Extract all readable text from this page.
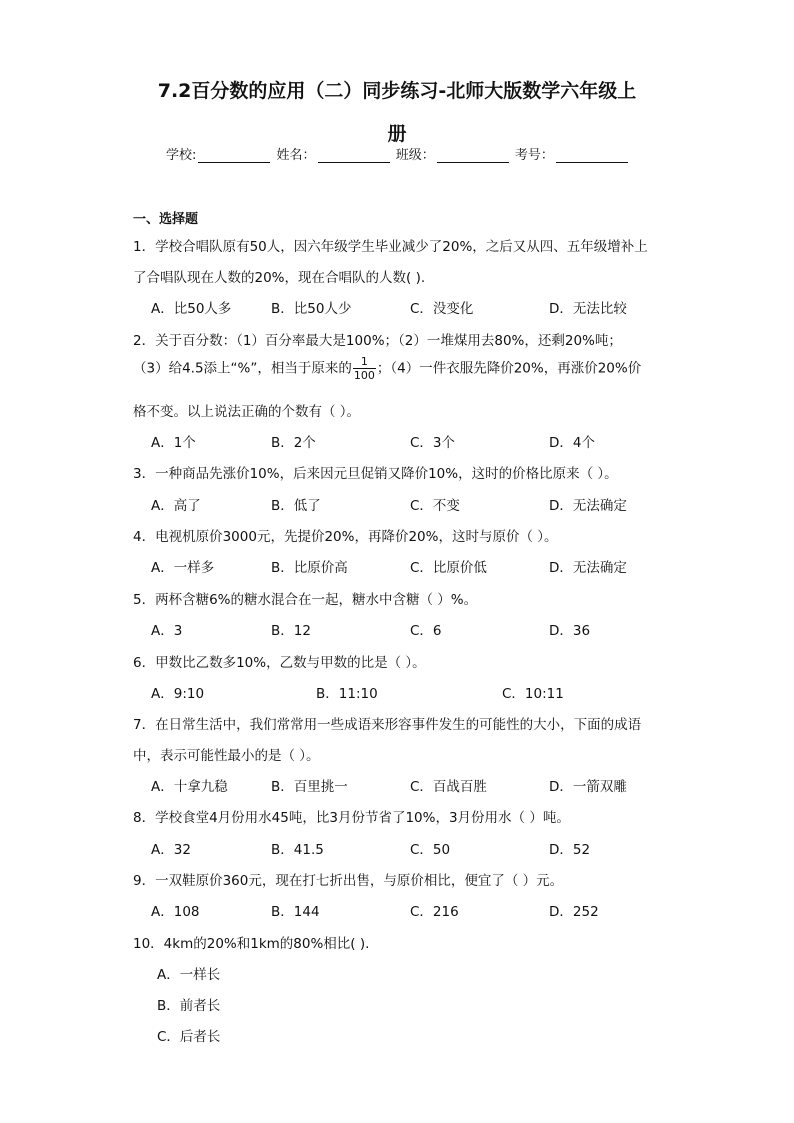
7.2百分数的应用（二）同步练习-北师大版数学六年级上
册
学校:	姓名：	班级：	考号：
一、选择题
1．学校合唱队原有50人，因六年级学生毕业减少了20%，之后又从四、五年级增补上
了合唱队现在人数的20%，现在合唱队的人数( ).
A．比50人多	B．比50人少	C．没变化	D．无法比较
2．关于百分数：（1）百分率最大是100%；（2）一堆煤用去80%，还剩20%吨；
（3）给4.5添上“%”，相当于原来的 $\frac{1}{100}$ ；（4）一件衣服先降价20%，再涨价20%价
格不变。以上说法正确的个数有（ ）。
A．1个	B．2个	C．3个	D．4个
3．一种商品先涨价10%，后来因元旦促销又降价10%，这时的价格比原来（ ）。
A．高了	B．低了	C．不变	D．无法确定
4．电视机原价3000元，先提价20%，再降价20%，这时与原价（ ）。
A．一样多	B．比原价高	C．比原价低	D．无法确定
5．两杯含糖6%的糖水混合在一起，糖水中含糖（ ）%。
A．3	B．12	C．6	D．36
6．甲数比乙数多10%，乙数与甲数的比是（ ）。
A．9:10	B．11:10	C．10:11
7．在日常生活中，我们常常用一些成语来形容事件发生的可能性的大小，下面的成语
中，表示可能性最小的是（ ）。
A．十拿九稳	B．百里挑一	C．百战百胜	D．一箭双雕
8．学校食堂4月份用水45吨，比3月份节省了10%，3月份用水（ ）吨。
A．32	B．41.5	C．50	D．52
9．一双鞋原价360元，现在打七折出售，与原价相比，便宜了（ ）元。
A．108	B．144	C．216	D．252
10．4km的20%和1km的80%相比( ).
A．一样长
B．前者长
C．后者长
